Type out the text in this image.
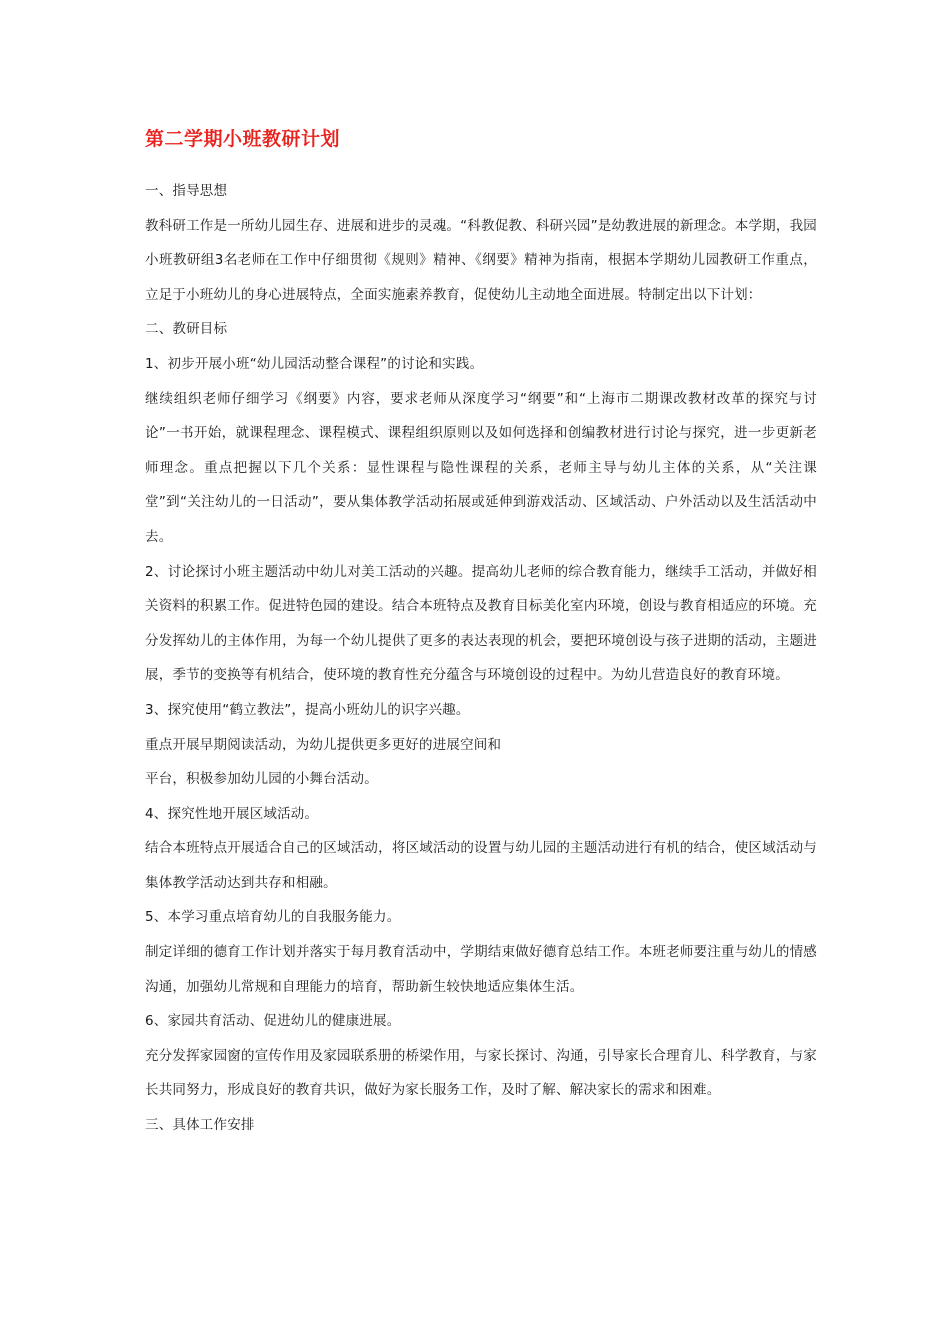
第二学期小班教研计划

一、指导思想

教科研工作是一所幼儿园生存、进展和进步的灵魂。“科教促教、科研兴园”是幼教进展的新理念。本学期，我园小班教研组3名老师在工作中仔细贯彻《规则》精神、《纲要》精神为指南，根据本学期幼儿园教研工作重点，立足于小班幼儿的身心进展特点，全面实施素养教育，促使幼儿主动地全面进展。特制定出以下计划：

二、教研目标

1、初步开展小班“幼儿园活动整合课程”的讨论和实践。

继续组织老师仔细学习《纲要》内容，要求老师从深度学习“纲要”和“上海市二期课改教材改革的探究与讨论”一书开始，就课程理念、课程模式、课程组织原则以及如何选择和创编教材进行讨论与探究，进一步更新老师理念。重点把握以下几个关系：显性课程与隐性课程的关系，老师主导与幼儿主体的关系，从“关注课堂”到“关注幼儿的一日活动”，要从集体教学活动拓展或延伸到游戏活动、区域活动、户外活动以及生活活动中去。

2、讨论探讨小班主题活动中幼儿对美工活动的兴趣。提高幼儿老师的综合教育能力，继续手工活动，并做好相关资料的积累工作。促进特色园的建设。结合本班特点及教育目标美化室内环境，创设与教育相适应的环境。充分发挥幼儿的主体作用，为每一个幼儿提供了更多的表达表现的机会，要把环境创设与孩子进期的活动，主题进展，季节的变换等有机结合，使环境的教育性充分蕴含与环境创设的过程中。为幼儿营造良好的教育环境。

3、探究使用“鹤立教法”，提高小班幼儿的识字兴趣。

重点开展早期阅读活动，为幼儿提供更多更好的进展空间和

平台，积极参加幼儿园的小舞台活动。

4、探究性地开展区域活动。

结合本班特点开展适合自己的区域活动，将区域活动的设置与幼儿园的主题活动进行有机的结合，使区域活动与集体教学活动达到共存和相融。

5、本学习重点培育幼儿的自我服务能力。

制定详细的德育工作计划并落实于每月教育活动中，学期结束做好德育总结工作。本班老师要注重与幼儿的情感沟通，加强幼儿常规和自理能力的培育，帮助新生较快地适应集体生活。

6、家园共育活动、促进幼儿的健康进展。

充分发挥家园窗的宣传作用及家园联系册的桥梁作用，与家长探讨、沟通，引导家长合理育儿、科学教育，与家长共同努力，形成良好的教育共识，做好为家长服务工作，及时了解、解决家长的需求和困难。

三、具体工作安排
